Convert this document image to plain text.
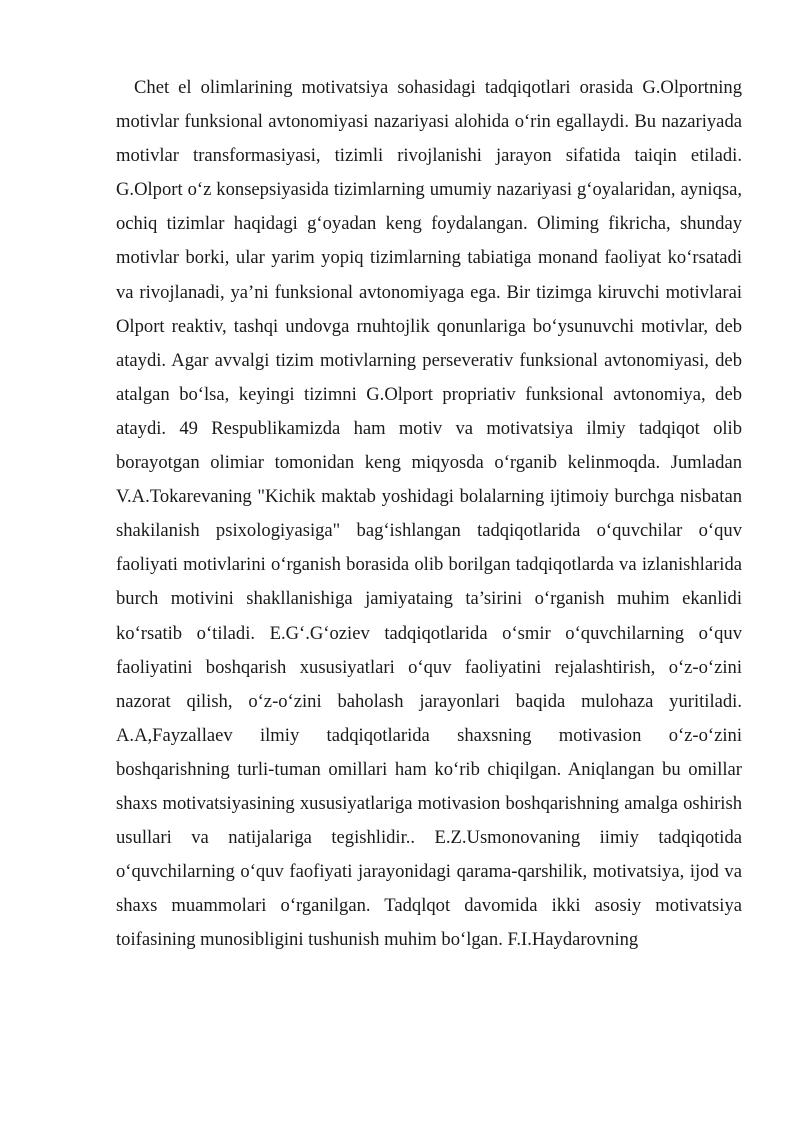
Chet el olimlarining motivatsiya sohasidagi tadqiqotlari orasida G.Olportning motivlar funksional avtonomiyasi nazariyasi alohida o‘rin egallaydi. Bu nazariyada motivlar transformasiyasi, tizimli rivojlanishi jarayon sifatida taiqin etiladi. G.Olport o‘z konsepsiyasida tizimlarning umumiy nazariyasi g‘oyalaridan, ayniqsa, ochiq tizimlar haqidagi g‘oyadan keng foydalangan. Oliming fikricha, shunday motivlar borki, ular yarim yopiq tizimlarning tabiatiga monand faoliyat ko‘rsatadi va rivojlanadi, ya’ni funksional avtonomiyaga ega. Bir tizimga kiruvchi motivlarai Olport reaktiv, tashqi undovga rnuhtojlik qonunlariga bo‘ysunuvchi motivlar, deb ataydi. Agar avvalgi tizim motivlarning perseverativ funksional avtonomiyasi, deb atalgan bo‘lsa, keyingi tizimni G.Olport propriativ funksional avtonomiya, deb ataydi. 49 Respublikamizda ham motiv va motivatsiya ilmiy tadqiqot olib borayotgan olimiar tomonidan keng miqyosda o‘rganib kelinmoqda. Jumladan V.A.Tokarevaning "Kichik maktab yoshidagi bolalarning ijtimoiy burchga nisbatan shakilanish psixologiyasiga" bag‘ishlangan tadqiqotlarida o‘quvchilar o‘quv faoliyati motivlarini o‘rganish borasida olib borilgan tadqiqotlarda va izlanishlarida burch motivini shakllanishiga jamiyataing ta’sirini o‘rganish muhim ekanlidi ko‘rsatib o‘tiladi. E.G‘.G‘oziev tadqiqotlarida o‘smir o‘quvchilarning o‘quv faoliyatini boshqarish xususiyatlari o‘quv faoliyatini rejalashtirish, o‘z-o‘zini nazorat qilish, o‘z-o‘zini baholash jarayonlari baqida mulohaza yuritiladi. A.A,Fayzallaev ilmiy tadqiqotlarida shaxsning motivasion o‘z-o‘zini boshqarishning turli-tuman omillari ham ko‘rib chiqilgan. Aniqlangan bu omillar shaxs motivatsiyasining xususiyatlariga motivasion boshqarishning amalga oshirish usullari va natijalariga tegishlidir.. E.Z.Usmonovaning iimiy tadqiqotida o‘quvchilarning o‘quv faofiyati jarayonidagi qarama-qarshilik, motivatsiya, ijod va shaxs muammolari o‘rganilgan. Tadqlqot davomida ikki asosiy motivatsiya toifasining munosibligini tushunish muhim bo‘lgan. F.I.Haydarovning
